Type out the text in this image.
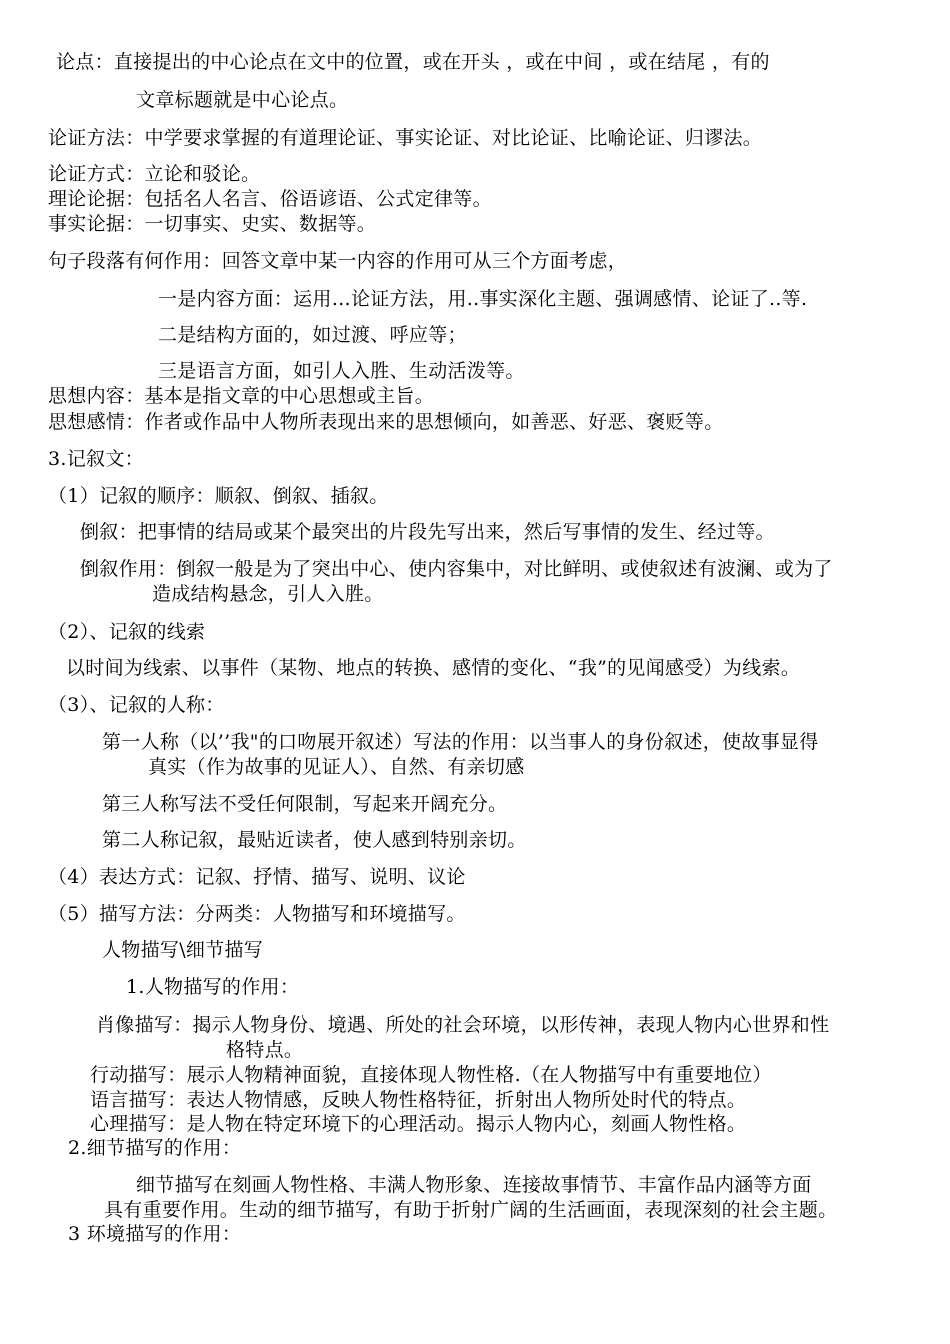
论点：直接提出的中心论点在文中的位置，或在开头 ，或在中间 ，或在结尾 ，有的
文章标题就是中心论点。
论证方法：中学要求掌握的有道理论证、事实论证、对比论证、比喻论证、归谬法。
论证方式：立论和驳论。
理论论据：包括名人名言、俗语谚语、公式定律等。
事实论据：一切事实、史实、数据等。
句子段落有何作用：回答文章中某一内容的作用可从三个方面考虑，
一是内容方面：运用…论证方法，用..事实深化主题、强调感情、论证了..等.
二是结构方面的，如过渡、呼应等；
三是语言方面，如引人入胜、生动活泼等。
思想内容：基本是指文章的中心思想或主旨。
思想感情：作者或作品中人物所表现出来的思想倾向，如善恶、好恶、褒贬等。
3.记叙文：
（1）记叙的顺序：顺叙、倒叙、插叙。
倒叙：把事情的结局或某个最突出的片段先写出来，然后写事情的发生、经过等。
倒叙作用：倒叙一般是为了突出中心、使内容集中，对比鲜明、或使叙述有波澜、或为了
造成结构悬念，引人入胜。
（2）、记叙的线索
以时间为线索、以事件（某物、地点的转换、感情的变化、“我”的见闻感受）为线索。
（3）、记叙的人称：
第一人称（以’’我"的口吻展开叙述）写法的作用：以当事人的身份叙述，使故事显得
真实（作为故事的见证人）、自然、有亲切感
第三人称写法不受任何限制，写起来开阔充分。
第二人称记叙，最贴近读者，使人感到特别亲切。
（4）表达方式：记叙、抒情、描写、说明、议论
（5）描写方法：分两类：人物描写和环境描写。
人物描写\细节描写
1.人物描写的作用：
肖像描写：揭示人物身份、境遇、所处的社会环境，以形传神，表现人物内心世界和性
格特点。
行动描写：展示人物精神面貌，直接体现人物性格.（在人物描写中有重要地位）
语言描写：表达人物情感，反映人物性格特征，折射出人物所处时代的特点。
心理描写：是人物在特定环境下的心理活动。揭示人物内心，刻画人物性格。
2.细节描写的作用：
细节描写在刻画人物性格、丰满人物形象、连接故事情节、丰富作品内涵等方面
具有重要作用。生动的细节描写，有助于折射广阔的生活画面，表现深刻的社会主题。
3 环境描写的作用：
